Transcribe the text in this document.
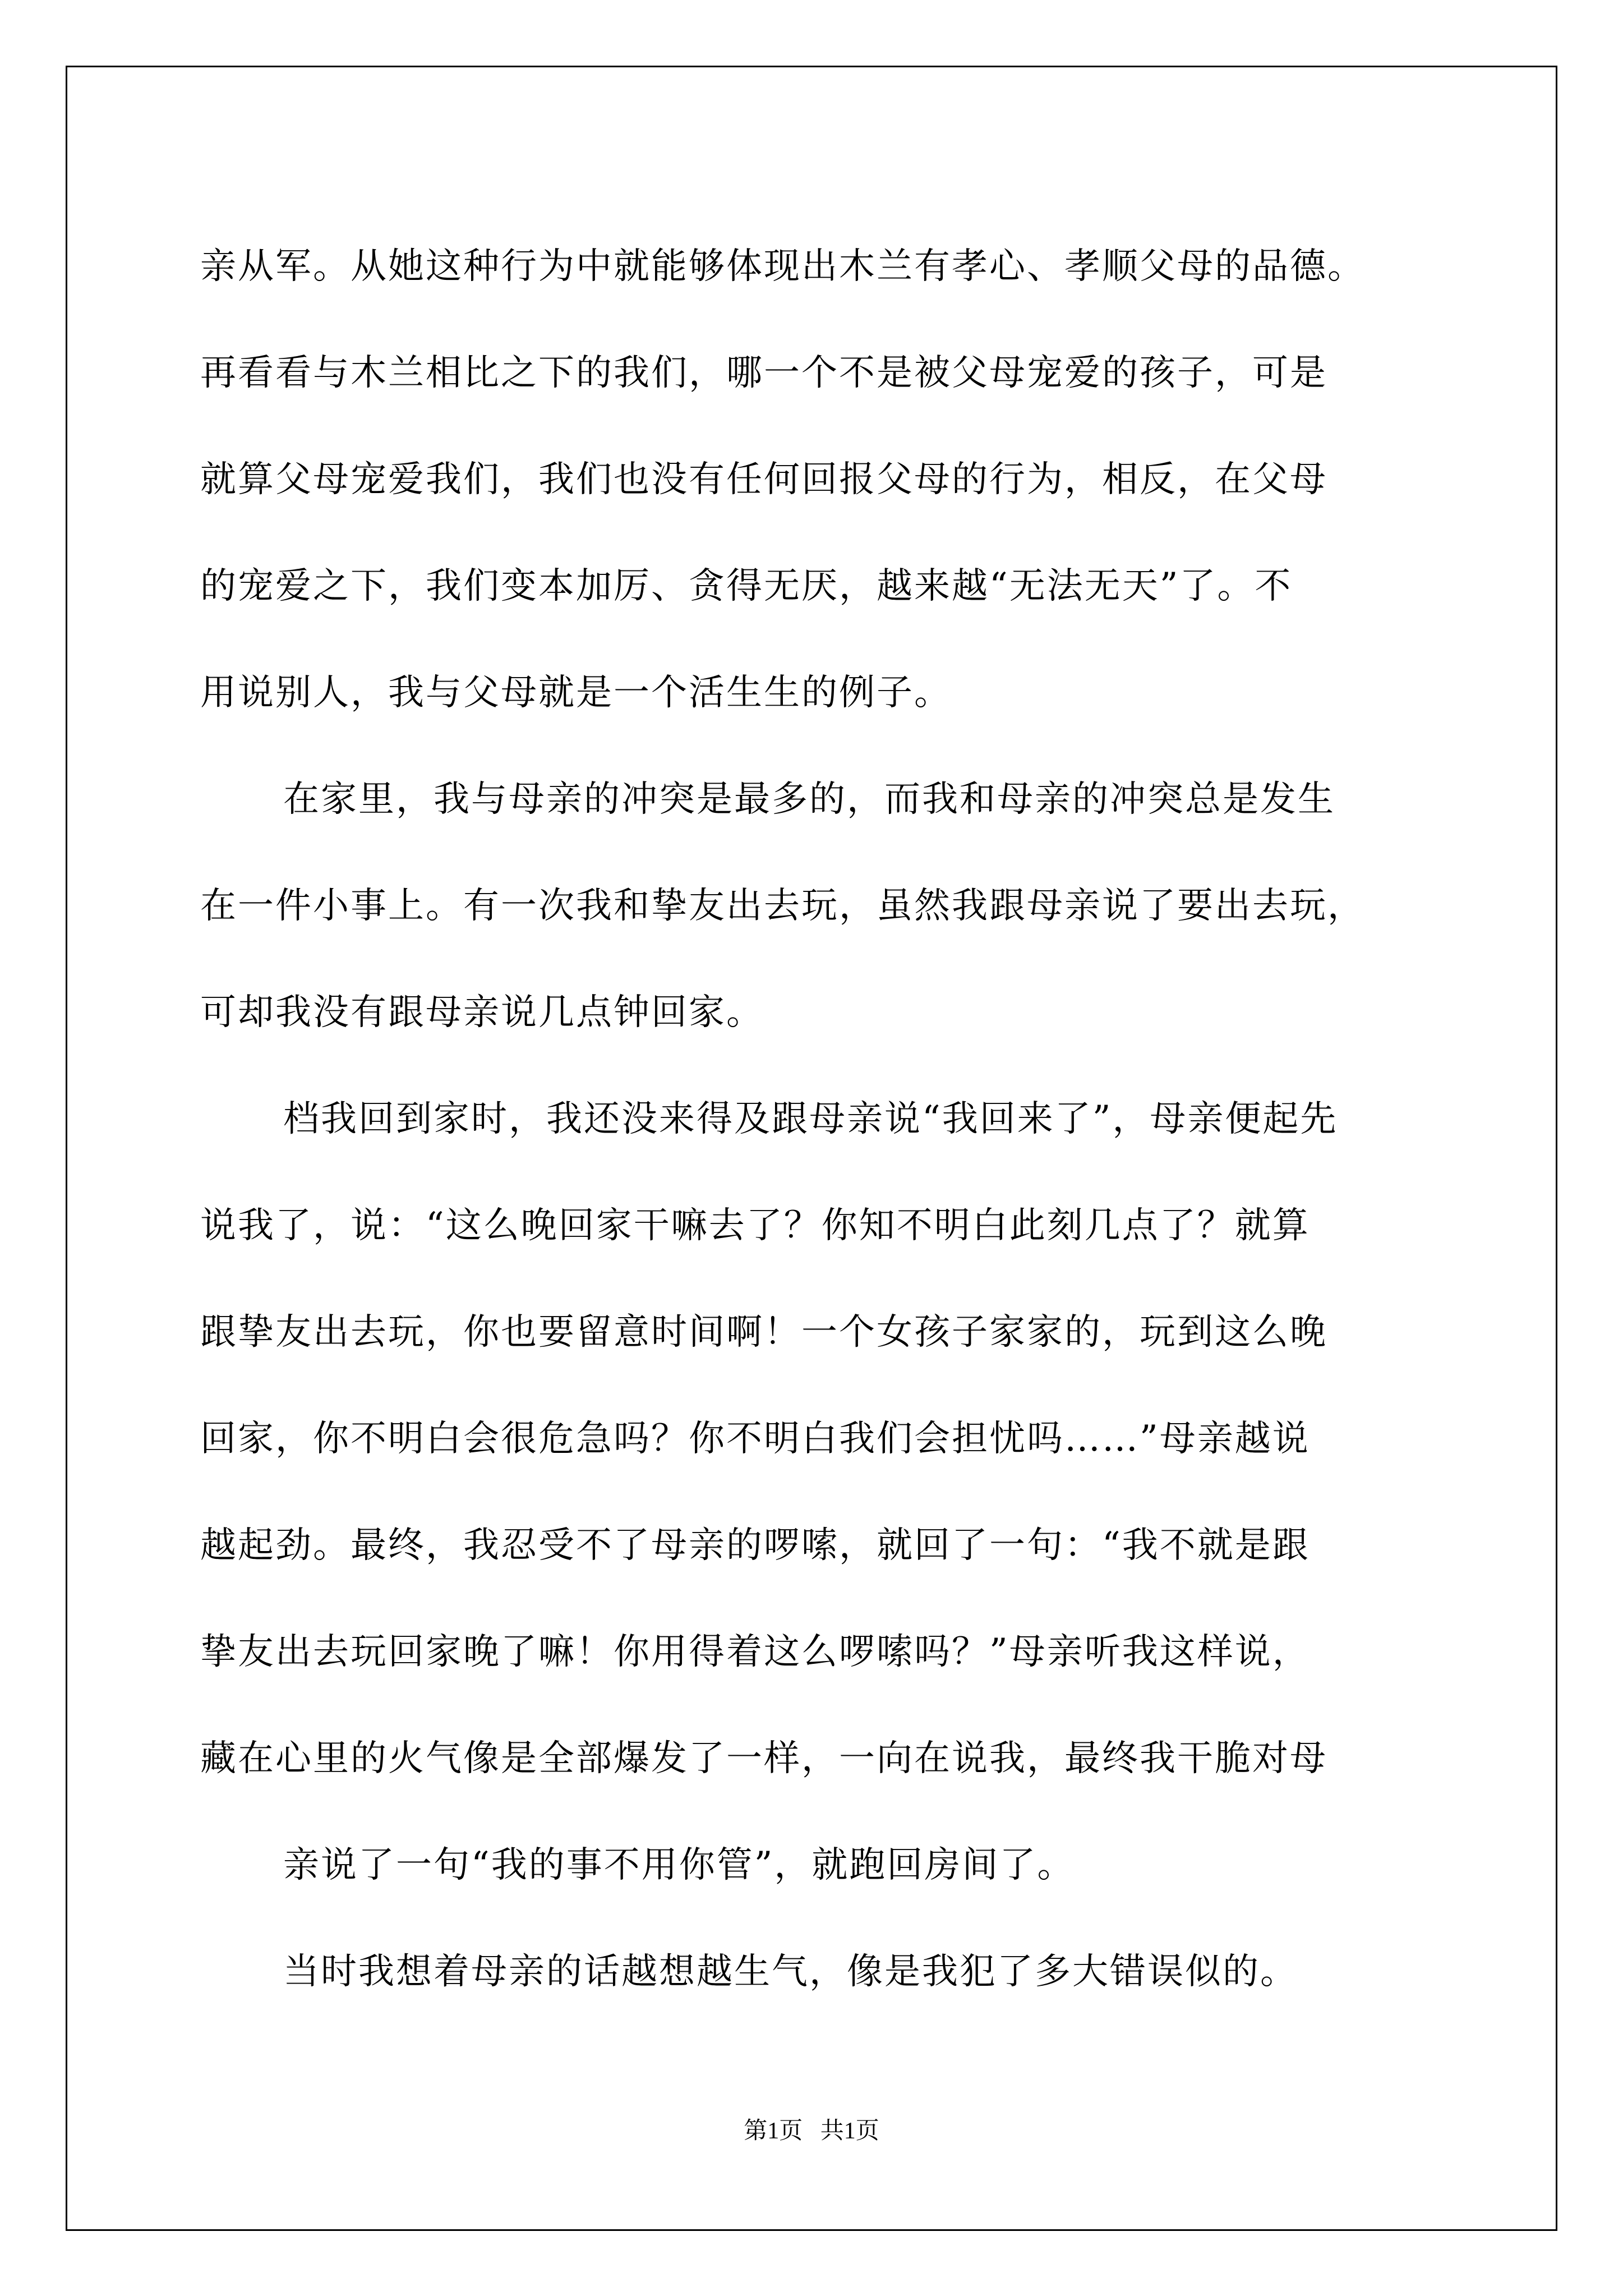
亲从军。从她这种行为中就能够体现出木兰有孝心、孝顺父母的品德。
再看看与木兰相比之下的我们，哪一个不是被父母宠爱的孩子，可是
就算父母宠爱我们，我们也没有任何回报父母的行为，相反，在父母
的宠爱之下，我们变本加厉、贪得无厌，越来越“无法无天”了。不
用说别人，我与父母就是一个活生生的例子。
在家里，我与母亲的冲突是最多的，而我和母亲的冲突总是发生
在一件小事上。有一次我和挚友出去玩，虽然我跟母亲说了要出去玩，
可却我没有跟母亲说几点钟回家。
档我回到家时，我还没来得及跟母亲说“我回来了”，母亲便起先
说我了，说：“这么晚回家干嘛去了？你知不明白此刻几点了？就算
跟挚友出去玩，你也要留意时间啊！一个女孩子家家的，玩到这么晚
回家，你不明白会很危急吗？你不明白我们会担忧吗……”母亲越说
越起劲。最终，我忍受不了母亲的啰嗦，就回了一句：“我不就是跟
挚友出去玩回家晚了嘛！你用得着这么啰嗦吗？”母亲听我这样说，
藏在心里的火气像是全部爆发了一样，一向在说我，最终我干脆对母
亲说了一句“我的事不用你管”，就跑回房间了。
当时我想着母亲的话越想越生气，像是我犯了多大错误似的。
第1页   共1页
